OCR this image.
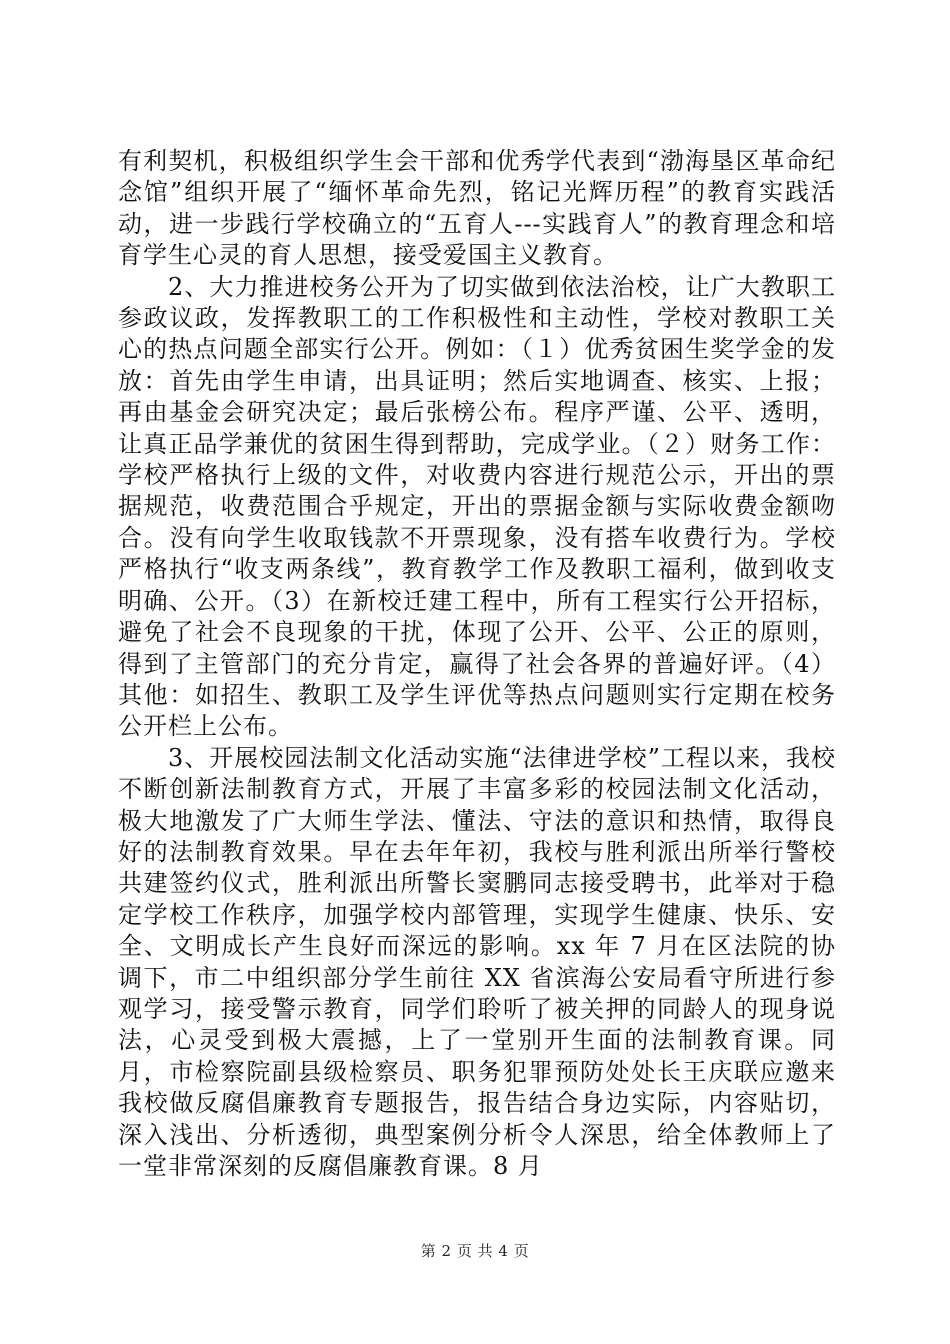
有利契机，积极组织学生会干部和优秀学代表到“渤海垦区革命纪念馆”组织开展了“缅怀革命先烈，铭记光辉历程”的教育实践活动，进一步践行学校确立的“五育人---实践育人”的教育理念和培育学生心灵的育人思想，接受爱国主义教育。

2、大力推进校务公开为了切实做到依法治校，让广大教职工参政议政，发挥教职工的工作积极性和主动性，学校对教职工关心的热点问题全部实行公开。例如：（１）优秀贫困生奖学金的发放：首先由学生申请，出具证明；然后实地调查、核实、上报；再由基金会研究决定；最后张榜公布。程序严谨、公平、透明，让真正品学兼优的贫困生得到帮助，完成学业。（２）财务工作：学校严格执行上级的文件，对收费内容进行规范公示，开出的票据规范，收费范围合乎规定，开出的票据金额与实际收费金额吻合。没有向学生收取钱款不开票现象，没有搭车收费行为。学校严格执行“收支两条线”，教育教学工作及教职工福利，做到收支明确、公开。（3）在新校迁建工程中，所有工程实行公开招标，避免了社会不良现象的干扰，体现了公开、公平、公正的原则，得到了主管部门的充分肯定，赢得了社会各界的普遍好评。（4）其他：如招生、教职工及学生评优等热点问题则实行定期在校务公开栏上公布。

3、开展校园法制文化活动实施“法律进学校”工程以来，我校不断创新法制教育方式，开展了丰富多彩的校园法制文化活动，极大地激发了广大师生学法、懂法、守法的意识和热情，取得良好的法制教育效果。早在去年年初，我校与胜利派出所举行警校共建签约仪式，胜利派出所警长窦鹏同志接受聘书，此举对于稳定学校工作秩序，加强学校内部管理，实现学生健康、快乐、安全、文明成长产生良好而深远的影响。xx 年 7 月在区法院的协调下，市二中组织部分学生前往 XX 省滨海公安局看守所进行参观学习，接受警示教育，同学们聆听了被关押的同龄人的现身说法，心灵受到极大震撼，上了一堂别开生面的法制教育课。同月，市检察院副县级检察员、职务犯罪预防处处长王庆联应邀来我校做反腐倡廉教育专题报告，报告结合身边实际，内容贴切，深入浅出、分析透彻，典型案例分析令人深思，给全体教师上了一堂非常深刻的反腐倡廉教育课。8 月

第 2 页 共 4 页
